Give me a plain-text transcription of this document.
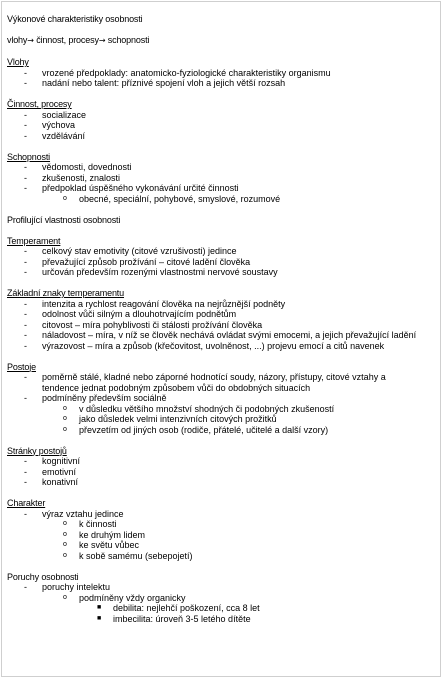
Výkonové charakteristiky osobnosti
vlohy→ činnost, procesy→ schopnosti
Vlohy
- vrozené předpoklady: anatomicko-fyziologické charakteristiky organismu
- nadání nebo talent: příznivé spojení vloh a jejich větší rozsah
Činnost, procesy
- socializace
- výchova
- vzdělávání
Schopnosti
- vědomosti, dovednosti
- zkušenosti, znalosti
- předpoklad úspěšného vykonávání určité činnosti
o obecné, speciální, pohybové, smyslové, rozumové
Profilující vlastnosti osobnosti
Temperament
- celkový stav emotivity (citové vzrušivosti) jedince
- převažující způsob prožívání – citové ladění člověka
- určován především rozenými vlastnostmi nervové soustavy
Základní znaky temperamentu
- intenzita a rychlost reagování člověka na nejrůznější podněty
- odolnost vůči silným a dlouhotrvajícím podnětům
- citovost – míra pohyblivosti či stálosti prožívání člověka
- náladovost – míra, v níž se člověk nechává ovládat svými emocemi, a jejich převažující ladění
- výrazovost – míra a způsob (křečovitost, uvolněnost, ...) projevu emocí a citů navenek
Postoje
- poměrně stálé, kladné nebo záporné hodnotící soudy, názory, přístupy, citové vztahy a
tendence jednat podobným způsobem vůči do obdobných situacích
- podmíněny především sociálně
o v důsledku většího množství shodných či podobných zkušeností
o jako důsledek velmi intenzivních citových prožitků
o převzetím od jiných osob (rodiče, přátelé, učitelé a další vzory)
Stránky postojů
- kognitivní
- emotivní
- konativní
Charakter
- výraz vztahu jedince
o k činnosti
o ke druhým lidem
o ke světu vůbec
o k sobě samému (sebepojetí)
Poruchy osobnosti
- poruchy intelektu
o podmíněny vždy organicky
■ debilita: nejlehčí poškození, cca 8 let
■ imbecilita: úroveň 3-5 letého dítěte
